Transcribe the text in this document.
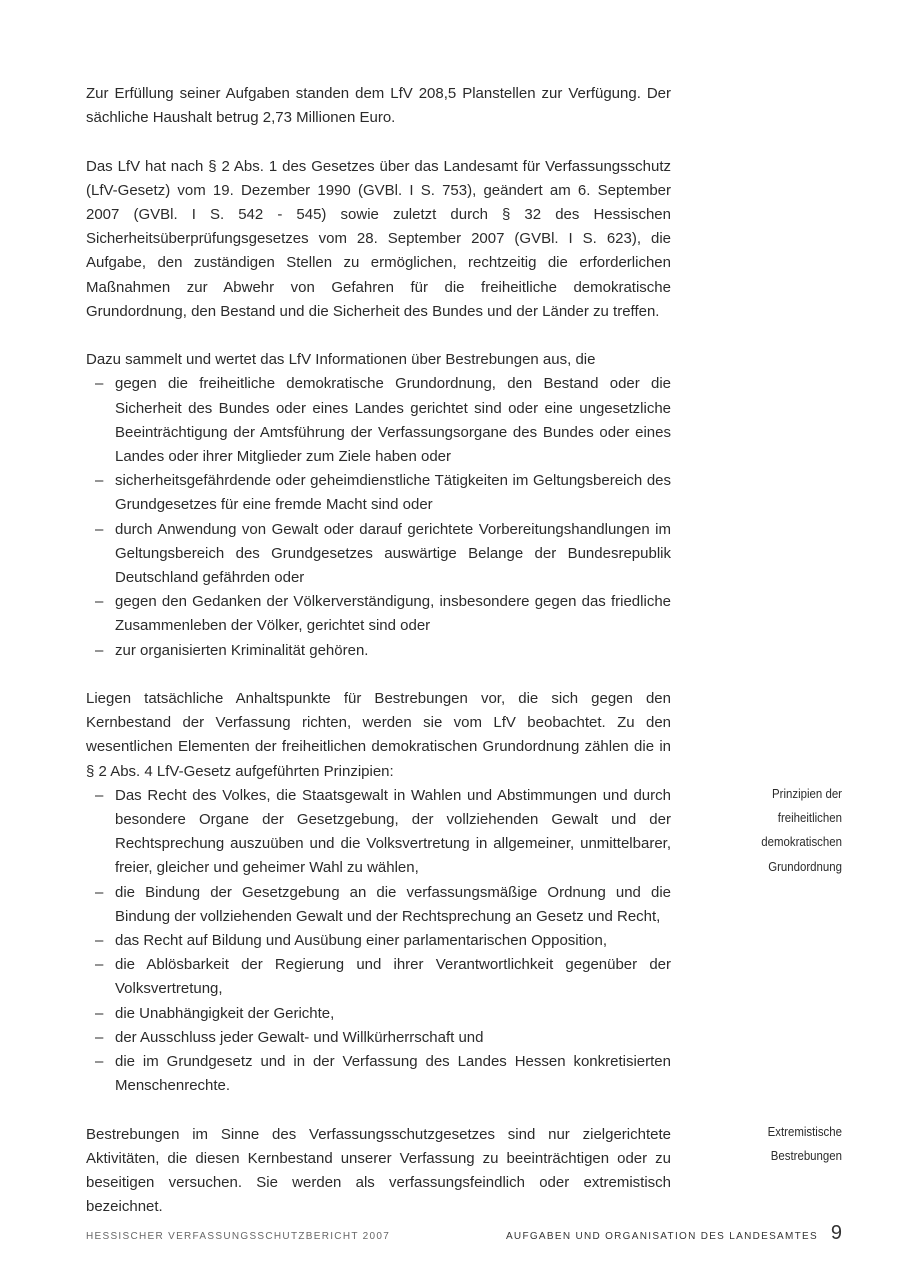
Zur Erfüllung seiner Aufgaben standen dem LfV 208,5 Planstellen zur Verfügung. Der sächliche Haushalt betrug 2,73 Millionen Euro.

Das LfV hat nach § 2 Abs. 1 des Gesetzes über das Landesamt für Verfassungsschutz (LfV-Gesetz) vom 19. Dezember 1990 (GVBl. I S. 753), geändert am 6. September 2007 (GVBl. I S. 542 - 545) sowie zuletzt durch § 32 des Hessischen Sicherheitsüberprüfungsgesetzes vom 28. September 2007 (GVBl. I S. 623), die Aufgabe, den zuständigen Stellen zu ermöglichen, rechtzeitig die erforderlichen Maßnahmen zur Abwehr von Gefahren für die freiheitliche demokratische Grundordnung, den Bestand und die Sicherheit des Bundes und der Länder zu treffen.

Dazu sammelt und wertet das LfV Informationen über Bestrebungen aus, die

– gegen die freiheitliche demokratische Grundordnung, den Bestand oder die Sicherheit des Bundes oder eines Landes gerichtet sind oder eine ungesetzliche Beeinträchtigung der Amtsführung der Verfassungsorgane des Bundes oder eines Landes oder ihrer Mitglieder zum Ziele haben oder
– sicherheitsgefährdende oder geheimdienstliche Tätigkeiten im Geltungsbereich des Grundgesetzes für eine fremde Macht sind oder
– durch Anwendung von Gewalt oder darauf gerichtete Vorbereitungshandlungen im Geltungsbereich des Grundgesetzes auswärtige Belange der Bundesrepublik Deutschland gefährden oder
– gegen den Gedanken der Völkerverständigung, insbesondere gegen das friedliche Zusammenleben der Völker, gerichtet sind oder
– zur organisierten Kriminalität gehören.

Liegen tatsächliche Anhaltspunkte für Bestrebungen vor, die sich gegen den Kernbestand der Verfassung richten, werden sie vom LfV beobachtet. Zu den wesentlichen Elementen der freiheitlichen demokratischen Grundordnung zählen die in § 2 Abs. 4 LfV-Gesetz aufgeführten Prinzipien:

– Das Recht des Volkes, die Staatsgewalt in Wahlen und Abstimmungen und durch besondere Organe der Gesetzgebung, der vollziehenden Gewalt und der Rechtsprechung auszuüben und die Volksvertretung in allgemeiner, unmittelbarer, freier, gleicher und geheimer Wahl zu wählen,
– die Bindung der Gesetzgebung an die verfassungsmäßige Ordnung und die Bindung der vollziehenden Gewalt und der Rechtsprechung an Gesetz und Recht,
– das Recht auf Bildung und Ausübung einer parlamentarischen Opposition,
– die Ablösbarkeit der Regierung und ihrer Verantwortlichkeit gegenüber der Volksvertretung,
– die Unabhängigkeit der Gerichte,
– der Ausschluss jeder Gewalt- und Willkürherrschaft und
– die im Grundgesetz und in der Verfassung des Landes Hessen konkretisierten Menschenrechte.

Bestrebungen im Sinne des Verfassungsschutzgesetzes sind nur zielgerichtete Aktivitäten, die diesen Kernbestand unserer Verfassung zu beeinträchtigen oder zu beseitigen versuchen. Sie werden als verfassungsfeindlich oder extremistisch bezeichnet.

Prinzipien der
freiheitlichen
demokratischen
Grundordnung
Extremistische
Bestrebungen
HESSISCHER VERFASSUNGSSCHUTZBERICHT 2007	AUFGABEN UND ORGANISATION DES LANDESAMTES 9
